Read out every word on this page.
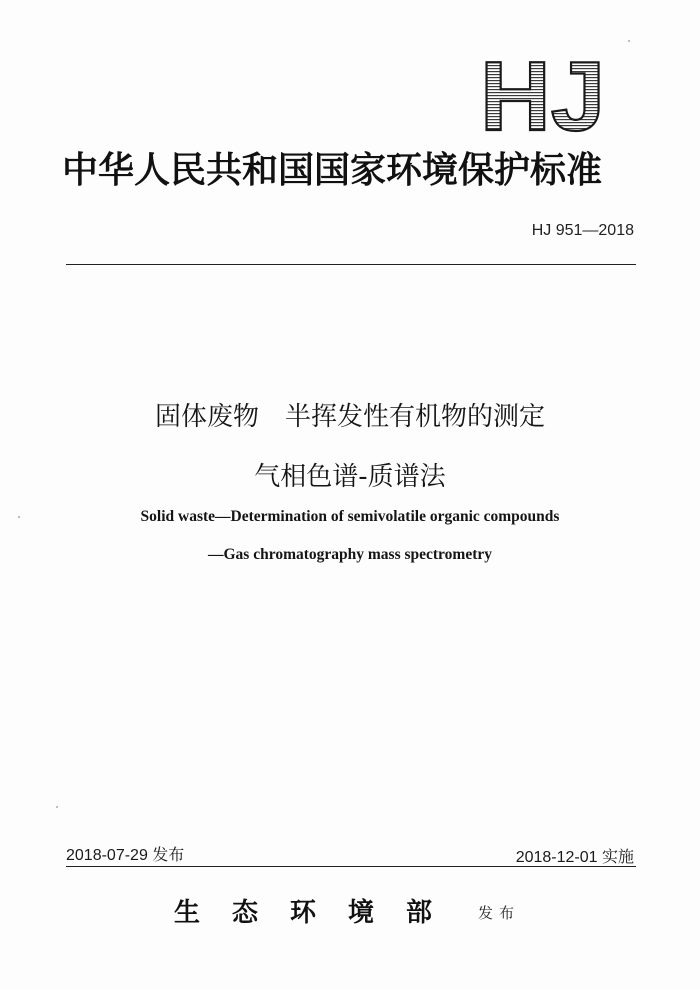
HJ
中华人民共和国国家环境保护标准
HJ 951—2018
固体废物　半挥发性有机物的测定
气相色谱-质谱法
Solid waste—Determination of semivolatile organic compounds
—Gas chromatography mass spectrometry
2018-07-29 发布	2018-12-01 实施
生态环境部 发布
